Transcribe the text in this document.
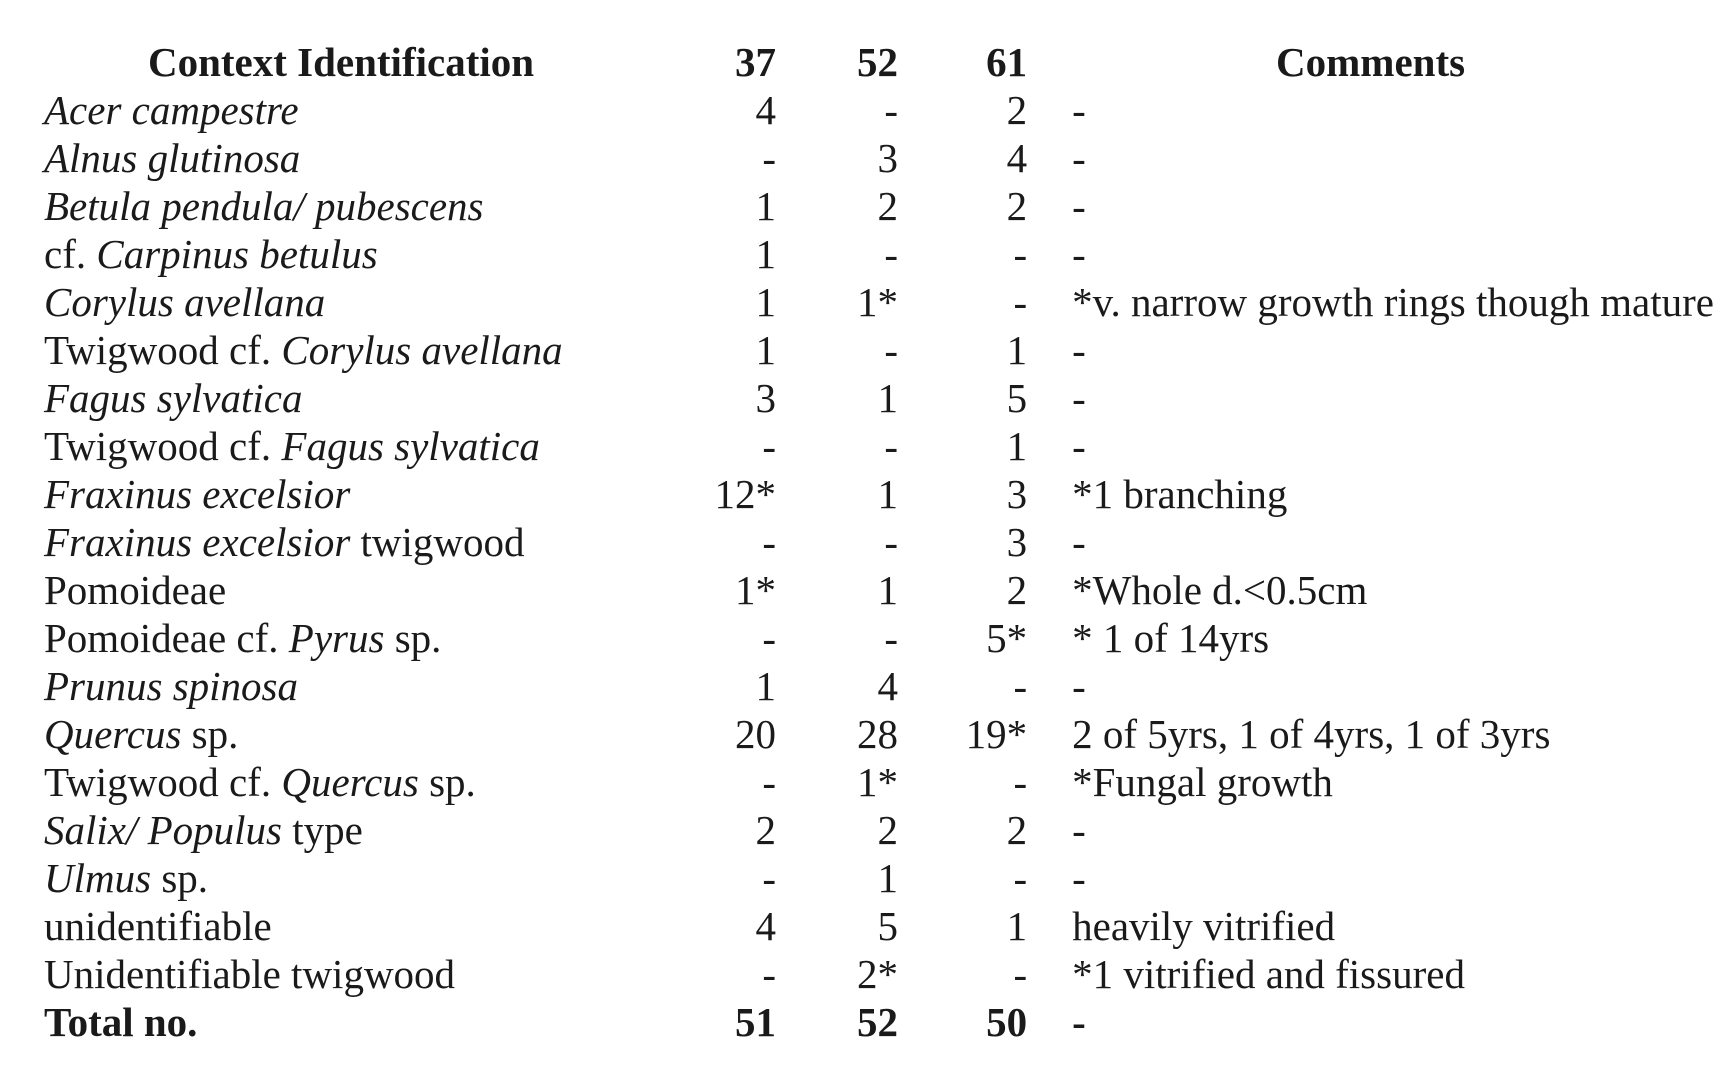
Context Identification	37	52	61	Comments
Acer campestre	4	-	2	-
Alnus glutinosa	-	3	4	-
Betula pendula/ pubescens	1	2	2	-
cf. Carpinus betulus	1	-	-	-
Corylus avellana	1	1*	-	*v. narrow growth rings though mature
Twigwood cf. Corylus avellana	1	-	1	-
Fagus sylvatica	3	1	5	-
Twigwood cf. Fagus sylvatica	-	-	1	-
Fraxinus excelsior	12*	1	3	*1 branching
Fraxinus excelsior twigwood	-	-	3	-
Pomoideae	1*	1	2	*Whole d.<0.5cm
Pomoideae cf. Pyrus sp.	-	-	5*	* 1 of 14yrs
Prunus spinosa	1	4	-	-
Quercus sp.	20	28	19*	2 of 5yrs, 1 of 4yrs, 1 of 3yrs
Twigwood cf. Quercus sp.	-	1*	-	*Fungal growth
Salix/ Populus type	2	2	2	-
Ulmus sp.	-	1	-	-
unidentifiable	4	5	1	heavily vitrified
Unidentifiable twigwood	-	2*	-	*1 vitrified and fissured
Total no.	51	52	50	-
